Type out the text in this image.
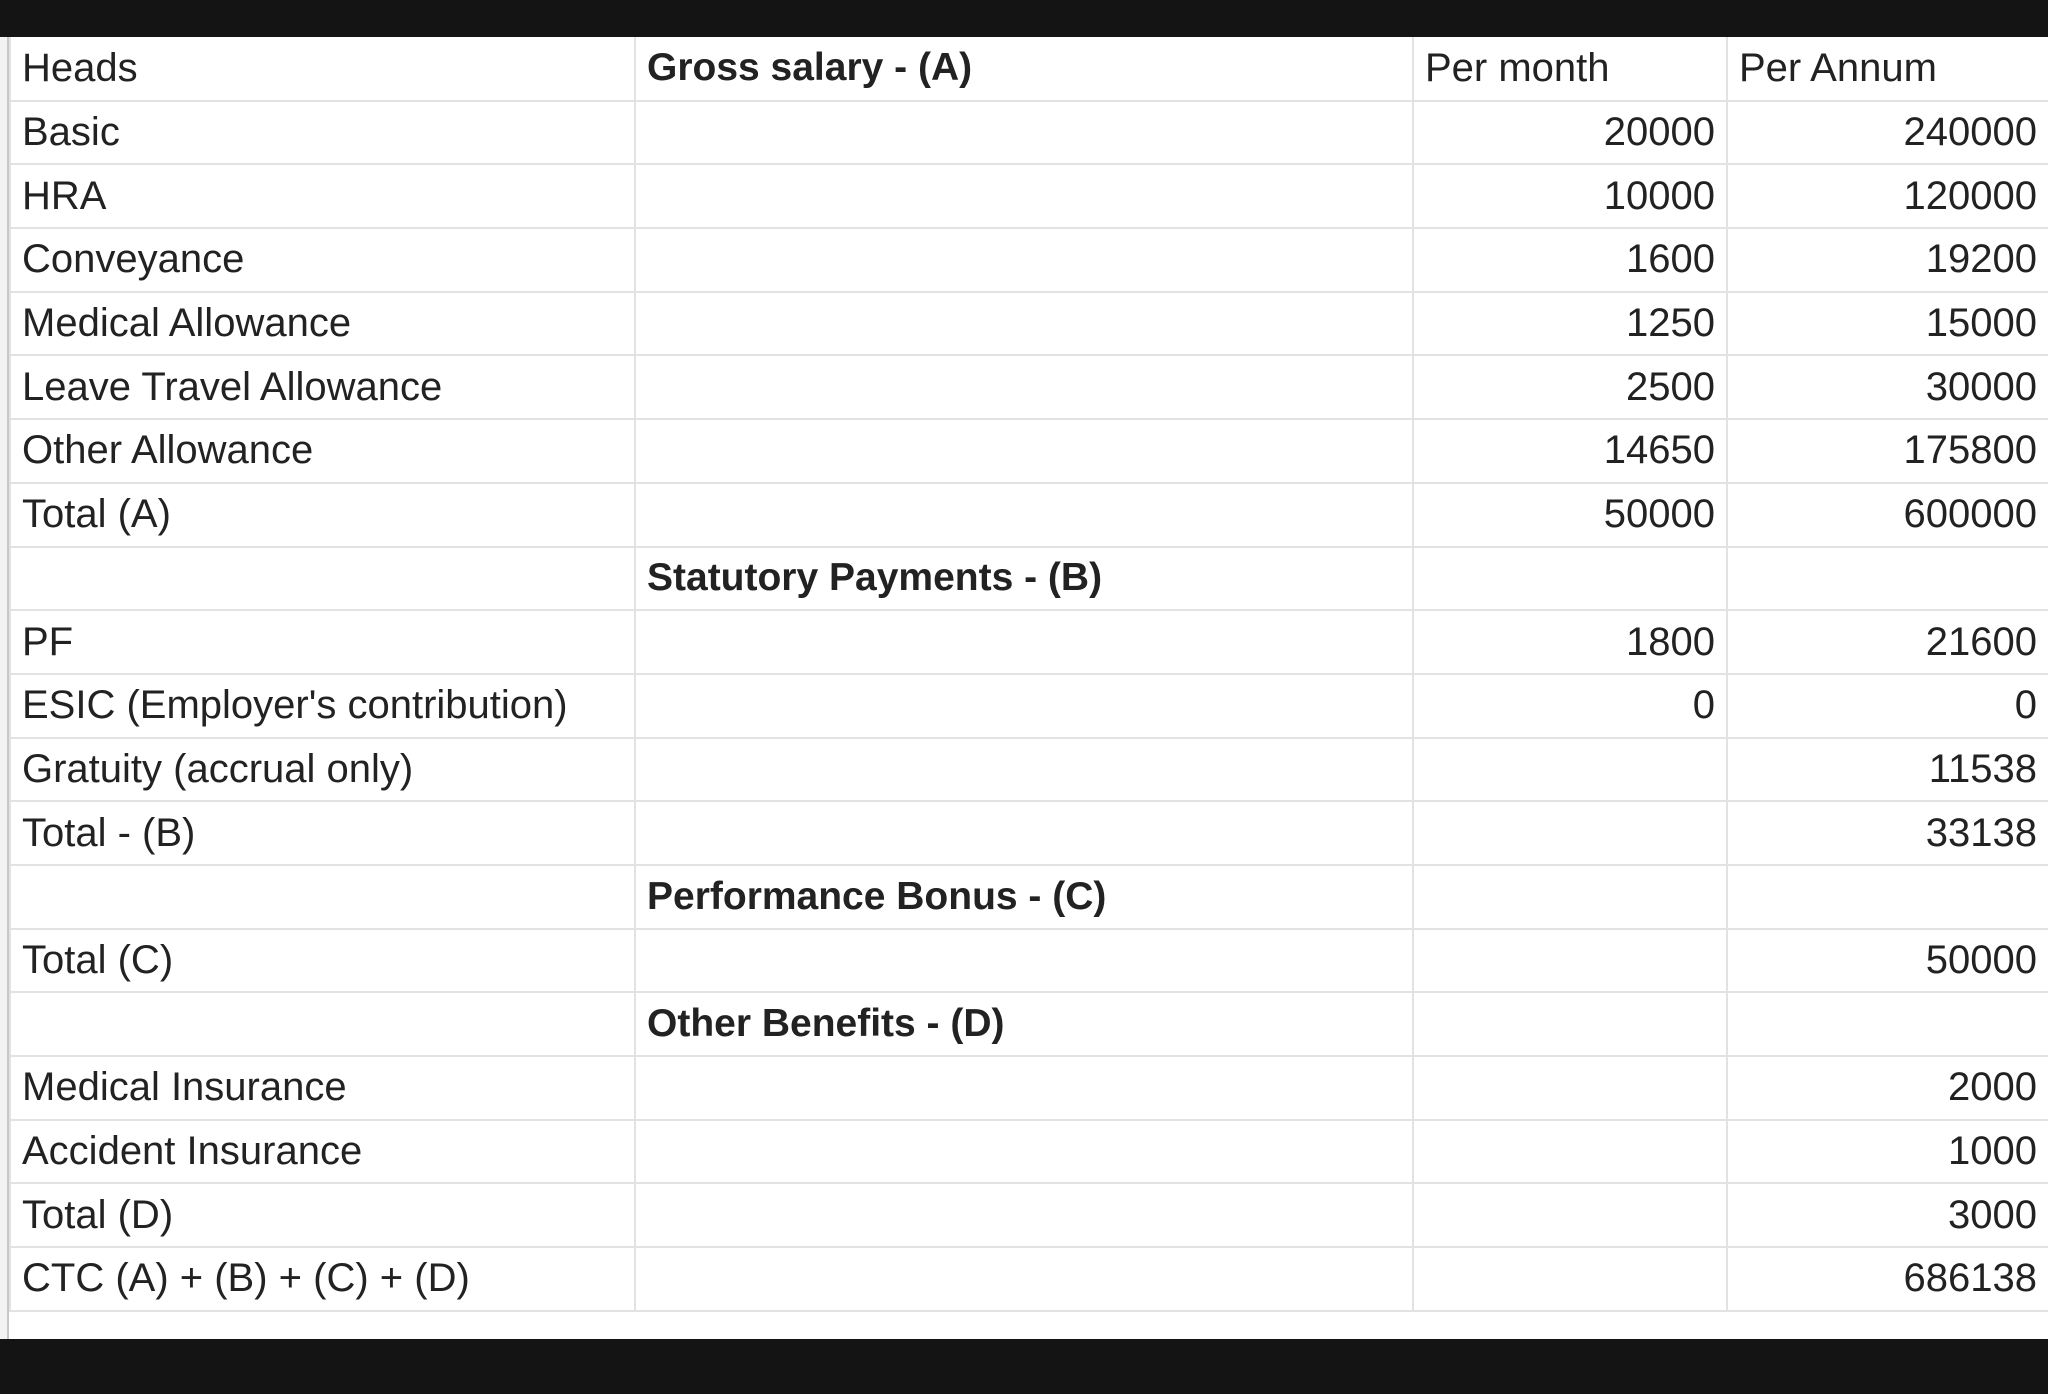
Heads	Gross salary - (A)	Per month	Per Annum
Basic		20000	240000
HRA		10000	120000
Conveyance		1600	19200
Medical Allowance		1250	15000
Leave Travel Allowance		2500	30000
Other Allowance		14650	175800
Total (A)		50000	600000
	Statutory Payments - (B)		
PF		1800	21600
ESIC (Employer's contribution)		0	0
Gratuity (accrual only)			11538
Total - (B)			33138
	Performance Bonus - (C)		
Total (C)			50000
	Other Benefits - (D)		
Medical Insurance			2000
Accident Insurance			1000
Total (D)			3000
CTC (A) + (B) + (C) + (D)			686138
